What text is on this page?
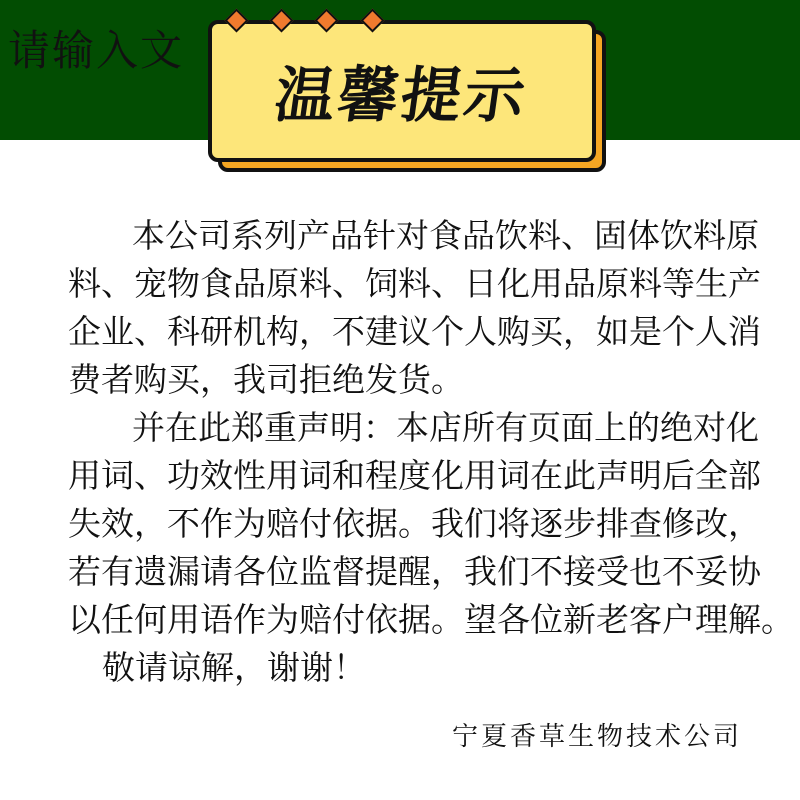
请输入文
温馨提示

本公司系列产品针对食品饮料、固体饮料原

料、宠物食品原料、饲料、日化用品原料等生产

企业、科研机构，不建议个人购买，如是个人消

费者购买，我司拒绝发货。

并在此郑重声明：本店所有页面上的绝对化

用词、功效性用词和程度化用词在此声明后全部

失效，不作为赔付依据。我们将逐步排查修改，

若有遗漏请各位监督提醒，我们不接受也不妥协

以任何用语作为赔付依据。望各位新老客户理解。

敬请谅解，谢谢！

宁夏香草生物技术公司
